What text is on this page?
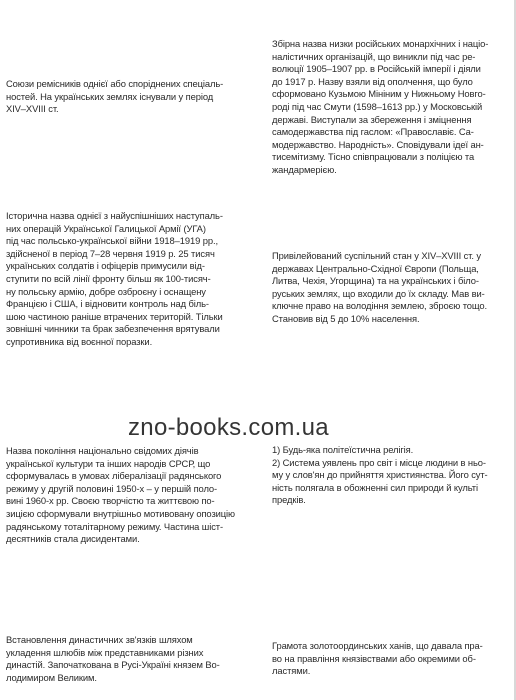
Союзи ремісників однієї або споріднених спеціаль-
ностей. На українських землях існували у період
XIV–XVIII ст.
Збірна назва низки російських монархічних і націо-
налістичних організацій, що виникли під час ре-
волюції 1905–1907 рр. в Російській імперії і діяли
до 1917 р. Назву взяли від ополчення, що було
сформовано Кузьмою Мініним у Нижньому Новго-
роді під час Смути (1598–1613 рр.) у Московській
державі. Виступали за збереження і зміцнення
самодержавства під гаслом: «Православіє. Са-
модержавство. Народність». Сповідували ідеї ан-
тисемітизму. Тісно співпрацювали з поліцією та
жандармерією.
Історична назва однієї з найуспішніших наступаль-
них операцій Української Галицької Армії (УГА)
під час польсько-української війни 1918–1919 рр.,
здійсненої в період 7–28 червня 1919 р. 25 тисяч
українських солдатів і офіцерів примусили від-
ступити по всій лінії фронту більш як 100-тисяч-
ну польську армію, добре озброєну і оснащену
Францією і США, і відновити контроль над біль-
шою частиною раніше втрачених територій. Тільки
зовнішні чинники та брак забезпечення врятували
супротивника від воєнної поразки.
Привілейований суспільний стан у XIV–XVIII ст. у
державах Центрально-Східної Європи (Польща,
Литва, Чехія, Угорщина) та на українських і біло-
руських землях, що входили до їх складу. Мав ви-
ключне право на володіння землею, зброєю тощо.
Становив від 5 до 10% населення.
Назва покоління національно свідомих діячів
української культури та інших народів СРСР, що
сформувалась в умовах лібералізації радянського
режиму у другій половині 1950-х – у першій поло-
вині 1960-х рр. Своєю творчістю та життєвою по-
зицією сформували внутрішньо мотивовану опозицію
радянському тоталітарному режиму. Частина шіст-
десятників стала дисидентами.
1) Будь-яка політеїстична релігія.
2) Система уявлень про світ і місце людини в ньо-
му у слов'ян до прийняття християнства. Його сут-
ність полягала в обожненні сил природи й культі
предків.
Встановлення династичних зв'язків шляхом
укладення шлюбів між представниками різних
династій. Започаткована в Русі-Україні князем Во-
лодимиром Великим.
Грамота золотоординських ханів, що давала пра-
во на правління князівствами або окремими об-
ластями.
zno-books.com.ua
